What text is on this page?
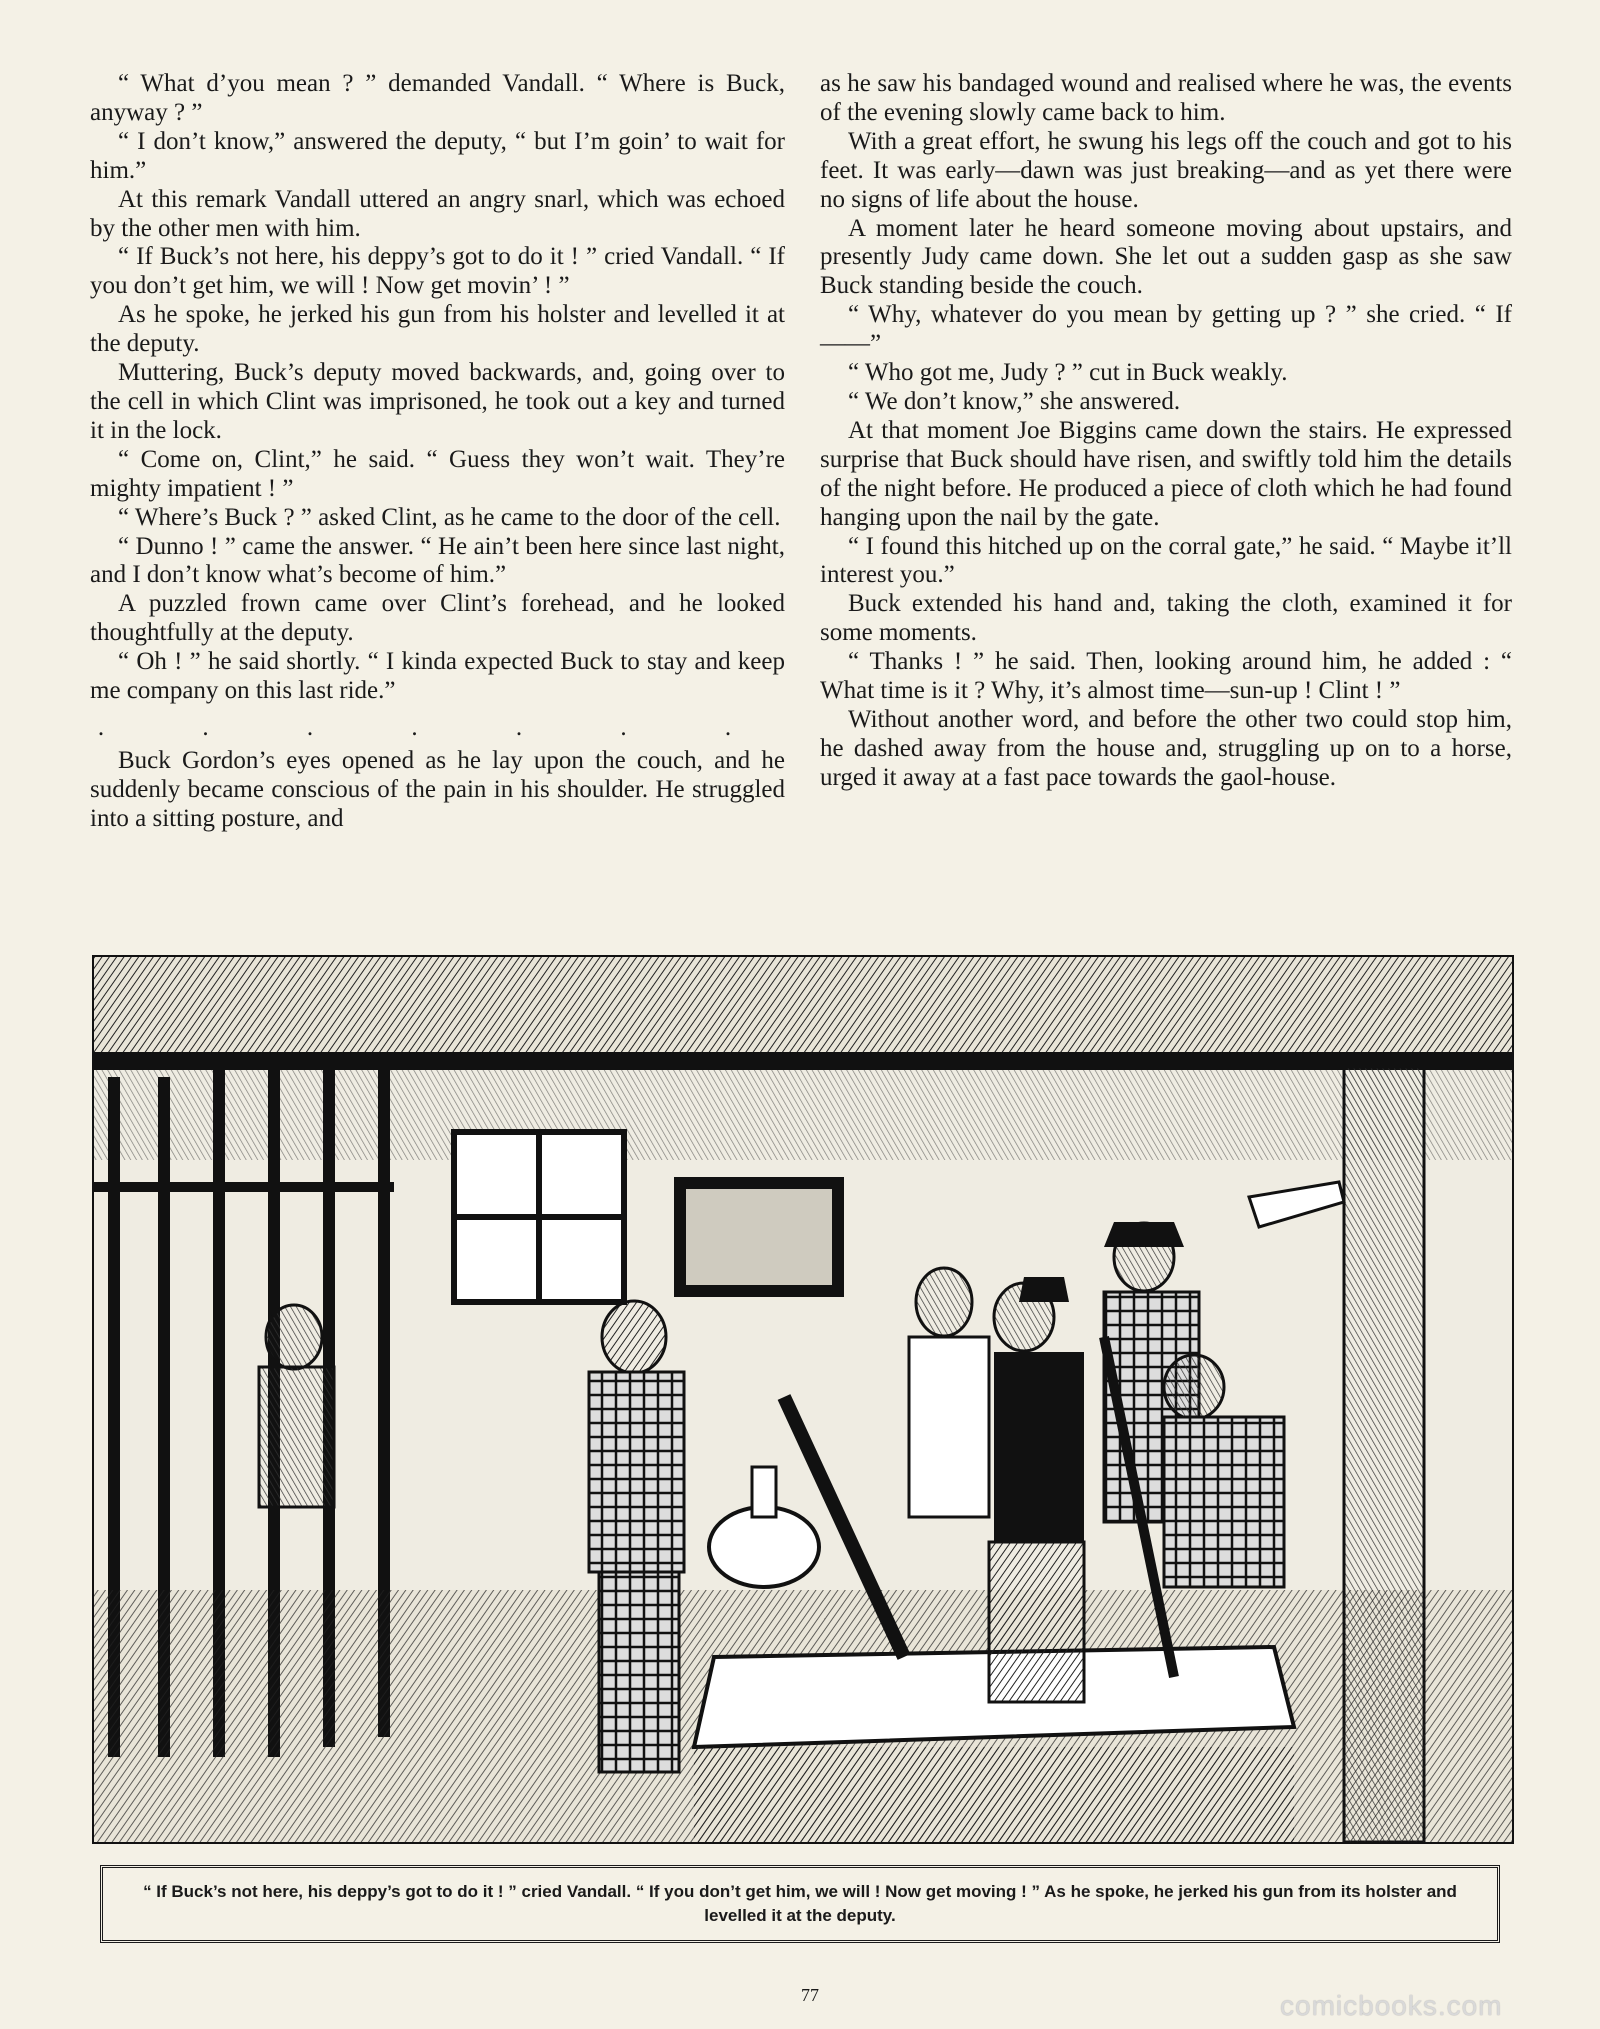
“ What d’you mean ? ” demanded Vandall. “ Where is Buck, anyway ? ”

“ I don’t know,” answered the deputy, “ but I’m goin’ to wait for him.”

At this remark Vandall uttered an angry snarl, which was echoed by the other men with him.

“ If Buck’s not here, his deppy’s got to do it ! ” cried Vandall. “ If you don’t get him, we will ! Now get movin’ ! ”

As he spoke, he jerked his gun from his holster and levelled it at the deputy.

Muttering, Buck’s deputy moved backwards, and, going over to the cell in which Clint was imprisoned, he took out a key and turned it in the lock.

“ Come on, Clint,” he said. “ Guess they won’t wait. They’re mighty impatient ! ”

“ Where’s Buck ? ” asked Clint, as he came to the door of the cell.

“ Dunno ! ” came the answer. “ He ain’t been here since last night, and I don’t know what’s become of him.”

A puzzled frown came over Clint’s forehead, and he looked thoughtfully at the deputy.

“ Oh ! ” he said shortly. “ I kinda expected Buck to stay and keep me company on this last ride.”

. . . . . . .

Buck Gordon’s eyes opened as he lay upon the couch, and he suddenly became conscious of the pain in his shoulder. He struggled into a sitting posture, and

as he saw his bandaged wound and realised where he was, the events of the evening slowly came back to him.

With a great effort, he swung his legs off the couch and got to his feet. It was early—dawn was just breaking—and as yet there were no signs of life about the house.

A moment later he heard someone moving about upstairs, and presently Judy came down. She let out a sudden gasp as she saw Buck standing beside the couch.

“ Why, whatever do you mean by getting up ? ” she cried. “ If——”

“ Who got me, Judy ? ” cut in Buck weakly.

“ We don’t know,” she answered.

At that moment Joe Biggins came down the stairs. He expressed surprise that Buck should have risen, and swiftly told him the details of the night before. He produced a piece of cloth which he had found hanging upon the nail by the gate.

“ I found this hitched up on the corral gate,” he said. “ Maybe it’ll interest you.”

Buck extended his hand and, taking the cloth, examined it for some moments.

“ Thanks ! ” he said. Then, looking around him, he added : “ What time is it ? Why, it’s almost time—sun-up ! Clint ! ”

Without another word, and before the other two could stop him, he dashed away from the house and, struggling up on to a horse, urged it away at a fast pace towards the gaol-house.

“ If Buck’s not here, his deppy’s got to do it ! ” cried Vandall. “ If you don’t get him, we will ! Now get moving ! ” As he spoke, he jerked his gun from its holster and levelled it at the deputy.
77	comicbooks.com
